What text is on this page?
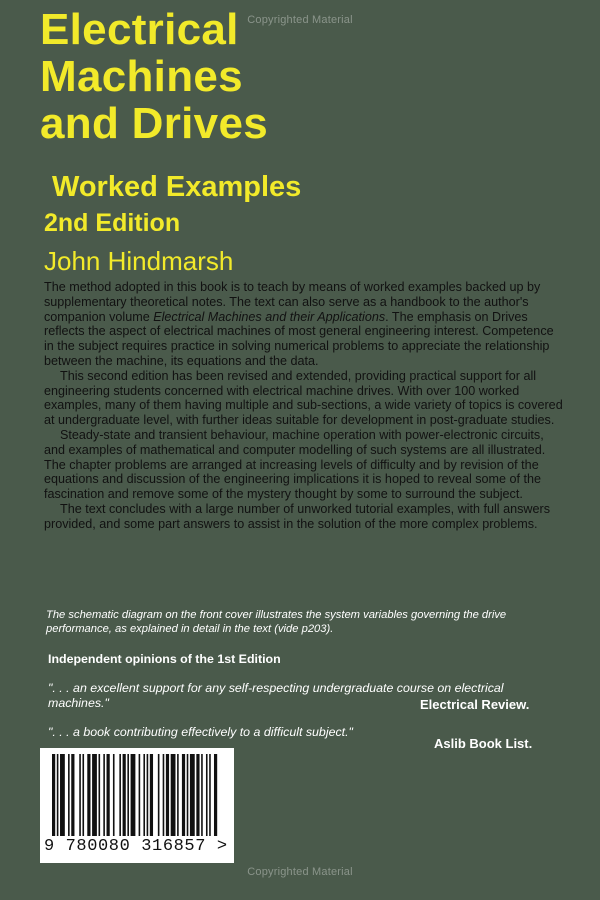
Copyrighted Material
Electrical
Machines
and Drives
Worked Examples
2nd Edition
John Hindmarsh

The method adopted in this book is to teach by means of worked examples backed up by supplementary theoretical notes. The text can also serve as a handbook to the author's companion volume Electrical Machines and their Applications. The emphasis on Drives reflects the aspect of electrical machines of most general engineering interest. Competence in the subject requires practice in solving numerical problems to appreciate the relationship between the machine, its equations and the data.

This second edition has been revised and extended, providing practical support for all engineering students concerned with electrical machine drives. With over 100 worked examples, many of them having multiple and sub-sections, a wide variety of topics is covered at undergraduate level, with further ideas suitable for development in post-graduate studies.

Steady-state and transient behaviour, machine operation with power-electronic circuits, and examples of mathematical and computer modelling of such systems are all illustrated. The chapter problems are arranged at increasing levels of difficulty and by revision of the equations and discussion of the engineering implications it is hoped to reveal some of the fascination and remove some of the mystery thought by some to surround the subject.

The text concludes with a large number of unworked tutorial examples, with full answers provided, and some part answers to assist in the solution of the more complex problems.

The schematic diagram on the front cover illustrates the system variables governing the drive performance, as explained in detail in the text (vide p203).
Independent opinions of the 1st Edition
". . . an excellent support for any self-respecting undergraduate course on electrical machines."	Electrical Review.
". . . a book contributing effectively to a difficult subject."
Aslib Book List.
9 780080 316857 >
Copyrighted Material
